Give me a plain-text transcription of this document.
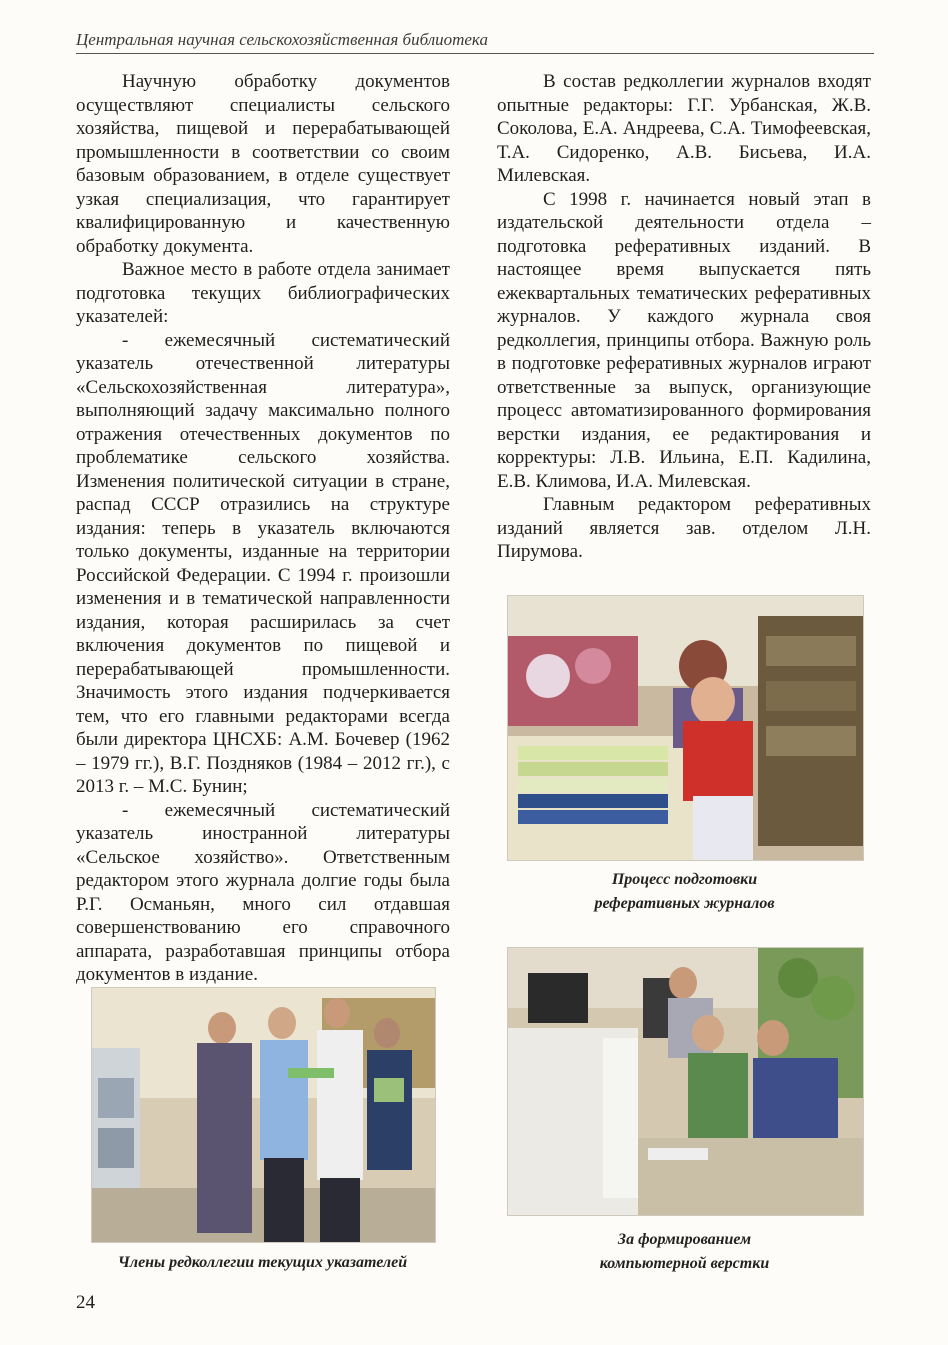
Центральная научная сельскохозяйственная библиотека

Научную обработку документов осуществляют специалисты сельского хозяйства, пищевой и перерабатывающей промышленности в соответствии со своим базовым образованием, в отделе существует узкая специализация, что гарантирует квалифицированную и качественную обработку документа.

Важное место в работе отдела занимает подготовка текущих библиографических указателей:

- ежемесячный систематический указатель отечественной литературы «Сельскохозяйственная литература», выполняющий задачу максимально полного отражения отечественных документов по проблематике сельского хозяйства. Изменения политической ситуации в стране, распад СССР отразились на структуре издания: теперь в указатель включаются только документы, изданные на территории Российской Федерации. С 1994 г. произошли изменения и в тематической направленности издания, которая расширилась за счет включения документов по пищевой и перерабатывающей промышленности. Значимость этого издания подчеркивается тем, что его главными редакторами всегда были директора ЦНСХБ: А.М. Бочевер (1962 – 1979 гг.), В.Г. Поздняков (1984 – 2012 гг.), с 2013 г. – М.С. Бунин;

- ежемесячный систематический указатель иностранной литературы «Сельское хозяйство». Ответственным редактором этого журнала долгие годы была Р.Г. Османьян, много сил отдавшая совершенствованию его справочного аппарата, разработавшая принципы отбора документов в издание.

В состав редколлегии журналов входят опытные редакторы: Г.Г. Урбанская, Ж.В. Соколова, Е.А. Андреева, С.А. Тимофеевская, Т.А. Сидоренко, А.В. Бисьева, И.А. Милевская.

С 1998 г. начинается новый этап в издательской деятельности отдела – подготовка реферативных изданий. В настоящее время выпускается пять ежеквартальных тематических реферативных журналов. У каждого журнала своя редколлегия, принципы отбора. Важную роль в подготовке реферативных журналов играют ответственные за выпуск, организующие процесс автоматизированного формирования верстки издания, ее редактирования и корректуры: Л.В. Ильина, Е.П. Кадилина, Е.В. Климова, И.А. Милевская.

Главным редактором реферативных изданий является зав. отделом Л.Н. Пирумова.

Процесс подготовки
реферативных журналов
Члены редколлегии текущих указателей
За формированием
компьютерной верстки
24
